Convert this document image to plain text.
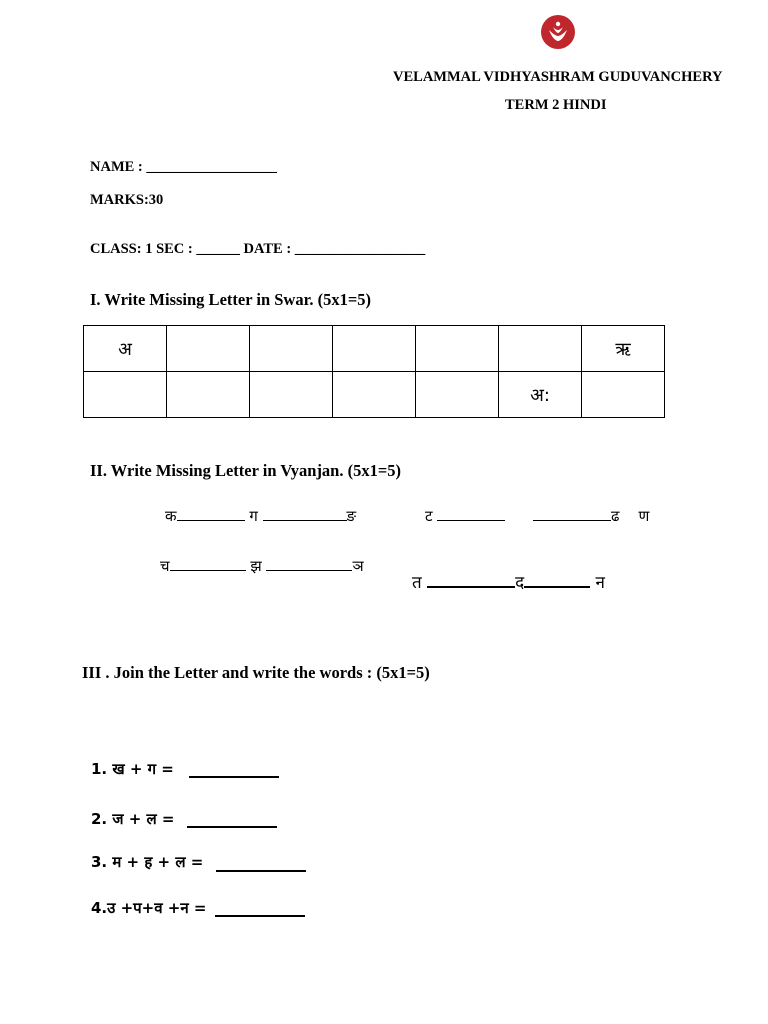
VELAMMAL VIDHYASHRAM GUDUVANCHERY
TERM 2 HINDI
NAME : __________________
MARKS:30
CLASS: 1 SEC : ______ DATE : __________________
I. Write Missing Letter in Swar. (5x1=5)
अ						ऋ
					अ:	
II. Write Missing Letter in Vyanjan. (5x1=5)
क	ग	ङ	ट	ढ ण
च	झ	ञ
त	द	न
III . Join the Letter and write the words : (5x1=5)
1. ख + ग =
2. ज + ल =
3. म + ह + ल =
4.उ +प+व +न =
